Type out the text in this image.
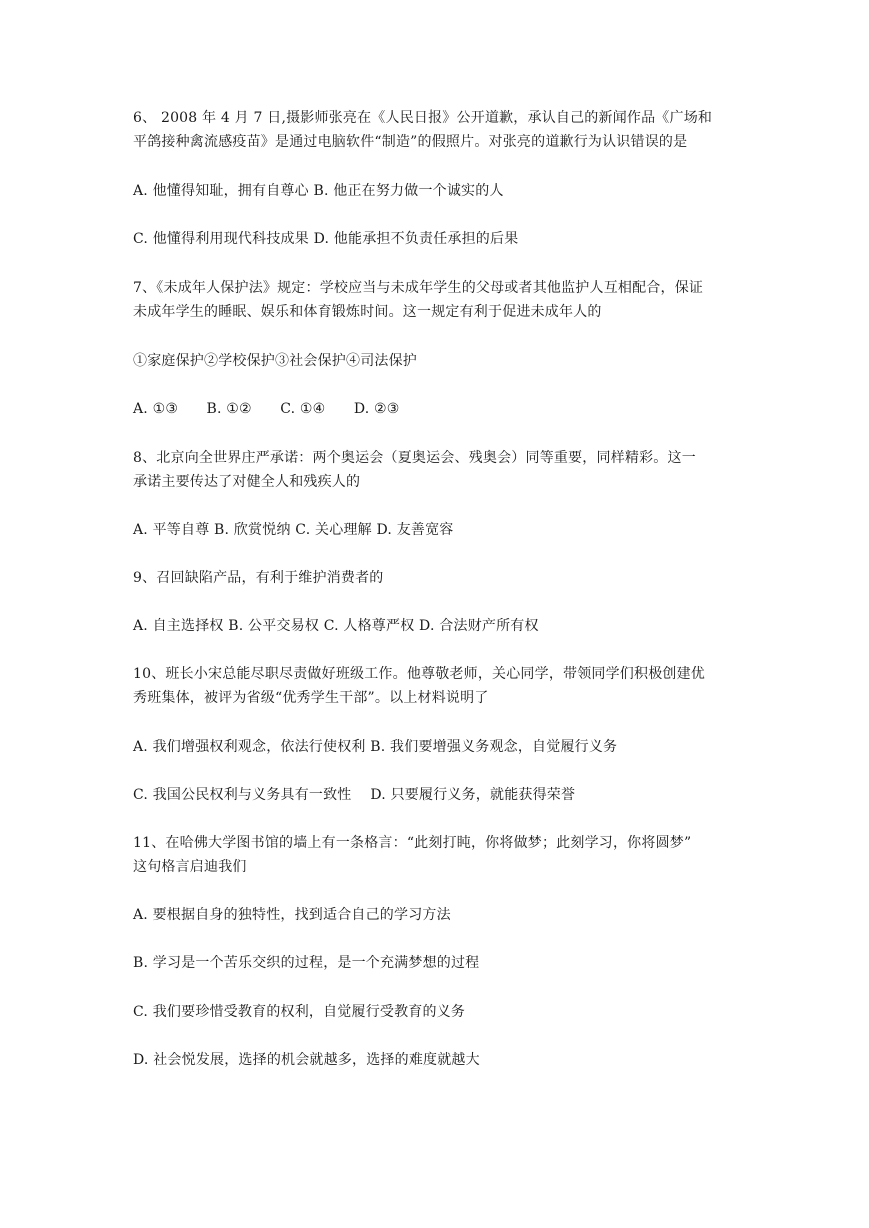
6、 2008 年 4 月 7 日,摄影师张亮在《人民日报》公开道歉，承认自己的新闻作品《广场和
平鸽接种禽流感疫苗》是通过电脑软件“制造”的假照片。对张亮的道歉行为认识错误的是
A. 他懂得知耻，拥有自尊心 B. 他正在努力做一个诚实的人
C. 他懂得利用现代科技成果 D. 他能承担不负责任承担的后果
7、《未成年人保护法》规定：学校应当与未成年学生的父母或者其他监护人互相配合，保证
未成年学生的睡眠、娱乐和体育锻炼时间。这一规定有利于促进未成年人的
①家庭保护②学校保护③社会保护④司法保护
A. ①③　　B. ①②　　C. ①④　　D. ②③
8、北京向全世界庄严承诺：两个奥运会（夏奥运会、残奥会）同等重要，同样精彩。这一
承诺主要传达了对健全人和残疾人的
A. 平等自尊 B. 欣赏悦纳 C. 关心理解 D. 友善宽容
9、召回缺陷产品，有利于维护消费者的
A. 自主选择权 B. 公平交易权 C. 人格尊严权 D. 合法财产所有权
10、班长小宋总能尽职尽责做好班级工作。他尊敬老师，关心同学，带领同学们积极创建优
秀班集体，被评为省级“优秀学生干部”。以上材料说明了
A. 我们增强权利观念，依法行使权利 B. 我们要增强义务观念，自觉履行义务
C. 我国公民权利与义务具有一致性　 D. 只要履行义务，就能获得荣誉
11、在哈佛大学图书馆的墙上有一条格言：“此刻打盹，你将做梦；此刻学习，你将圆梦”
这句格言启迪我们
A. 要根据自身的独特性，找到适合自己的学习方法
B. 学习是一个苦乐交织的过程，是一个充满梦想的过程
C. 我们要珍惜受教育的权利，自觉履行受教育的义务
D. 社会悦发展，选择的机会就越多，选择的难度就越大
